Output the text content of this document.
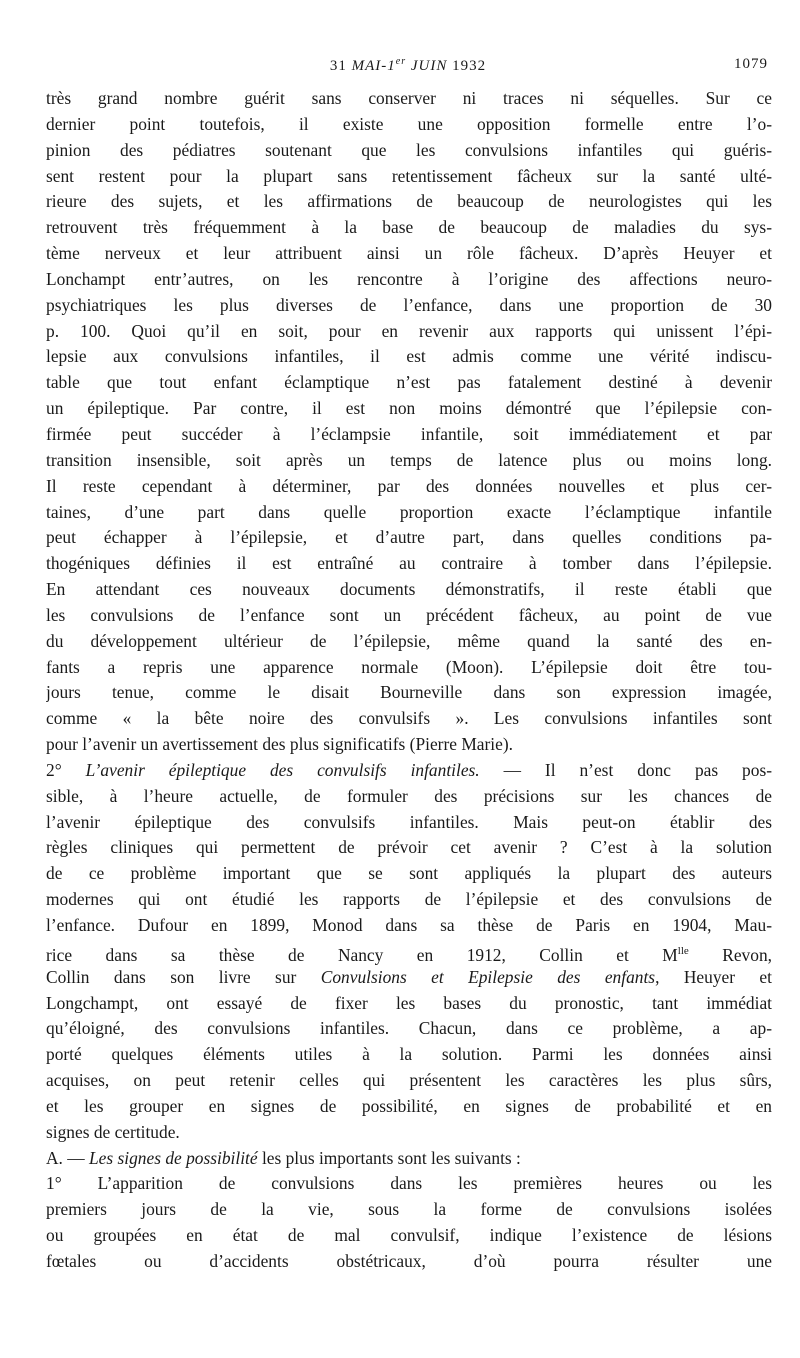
31 MAI-1er JUIN 1932	1079
très grand nombre guérit sans conserver ni traces ni séquelles. Sur ce
dernier point toutefois, il existe une opposition formelle entre l’o-
pinion des pédiatres soutenant que les convulsions infantiles qui guéris-
sent restent pour la plupart sans retentissement fâcheux sur la santé ulté-
rieure des sujets, et les affirmations de beaucoup de neurologistes qui les
retrouvent très fréquemment à la base de beaucoup de maladies du sys-
tème nerveux et leur attribuent ainsi un rôle fâcheux. D’après Heuyer et
Lonchampt entr’autres, on les rencontre à l’origine des affections neuro-
psychiatriques les plus diverses de l’enfance, dans une proportion de 30
p. 100. Quoi qu’il en soit, pour en revenir aux rapports qui unissent l’épi-
lepsie aux convulsions infantiles, il est admis comme une vérité indiscu-
table que tout enfant éclamptique n’est pas fatalement destiné à devenir
un épileptique. Par contre, il est non moins démontré que l’épilepsie con-
firmée peut succéder à l’éclampsie infantile, soit immédiatement et par
transition insensible, soit après un temps de latence plus ou moins long.
Il reste cependant à déterminer, par des données nouvelles et plus cer-
taines, d’une part dans quelle proportion exacte l’éclamptique infantile
peut échapper à l’épilepsie, et d’autre part, dans quelles conditions pa-
thogéniques définies il est entraîné au contraire à tomber dans l’épilepsie.
En attendant ces nouveaux documents démonstratifs, il reste établi que
les convulsions de l’enfance sont un précédent fâcheux, au point de vue
du développement ultérieur de l’épilepsie, même quand la santé des en-
fants a repris une apparence normale (Moon). L’épilepsie doit être tou-
jours tenue, comme le disait Bourneville dans son expression imagée,
comme « la bête noire des convulsifs ». Les convulsions infantiles sont
pour l’avenir un avertissement des plus significatifs (Pierre Marie).
2° L’avenir épileptique des convulsifs infantiles. — Il n’est donc pas pos-
sible, à l’heure actuelle, de formuler des précisions sur les chances de
l’avenir épileptique des convulsifs infantiles. Mais peut-on établir des
règles cliniques qui permettent de prévoir cet avenir ? C’est à la solution
de ce problème important que se sont appliqués la plupart des auteurs
modernes qui ont étudié les rapports de l’épilepsie et des convulsions de
l’enfance. Dufour en 1899, Monod dans sa thèse de Paris en 1904, Mau-
rice dans sa thèse de Nancy en 1912, Collin et $M^{lle}$ Revon,
Collin dans son livre sur Convulsions et Epilepsie des enfants, Heuyer et
Longchampt, ont essayé de fixer les bases du pronostic, tant immédiat
qu’éloigné, des convulsions infantiles. Chacun, dans ce problème, a ap-
porté quelques éléments utiles à la solution. Parmi les données ainsi
acquises, on peut retenir celles qui présentent les caractères les plus sûrs,
et les grouper en signes de possibilité, en signes de probabilité et en
signes de certitude.
A. — Les signes de possibilité les plus importants sont les suivants :
1° L’apparition de convulsions dans les premières heures ou les
premiers jours de la vie, sous la forme de convulsions isolées
ou groupées en état de mal convulsif, indique l’existence de lésions
fœtales ou d’accidents obstétricaux, d’où pourra résulter une
